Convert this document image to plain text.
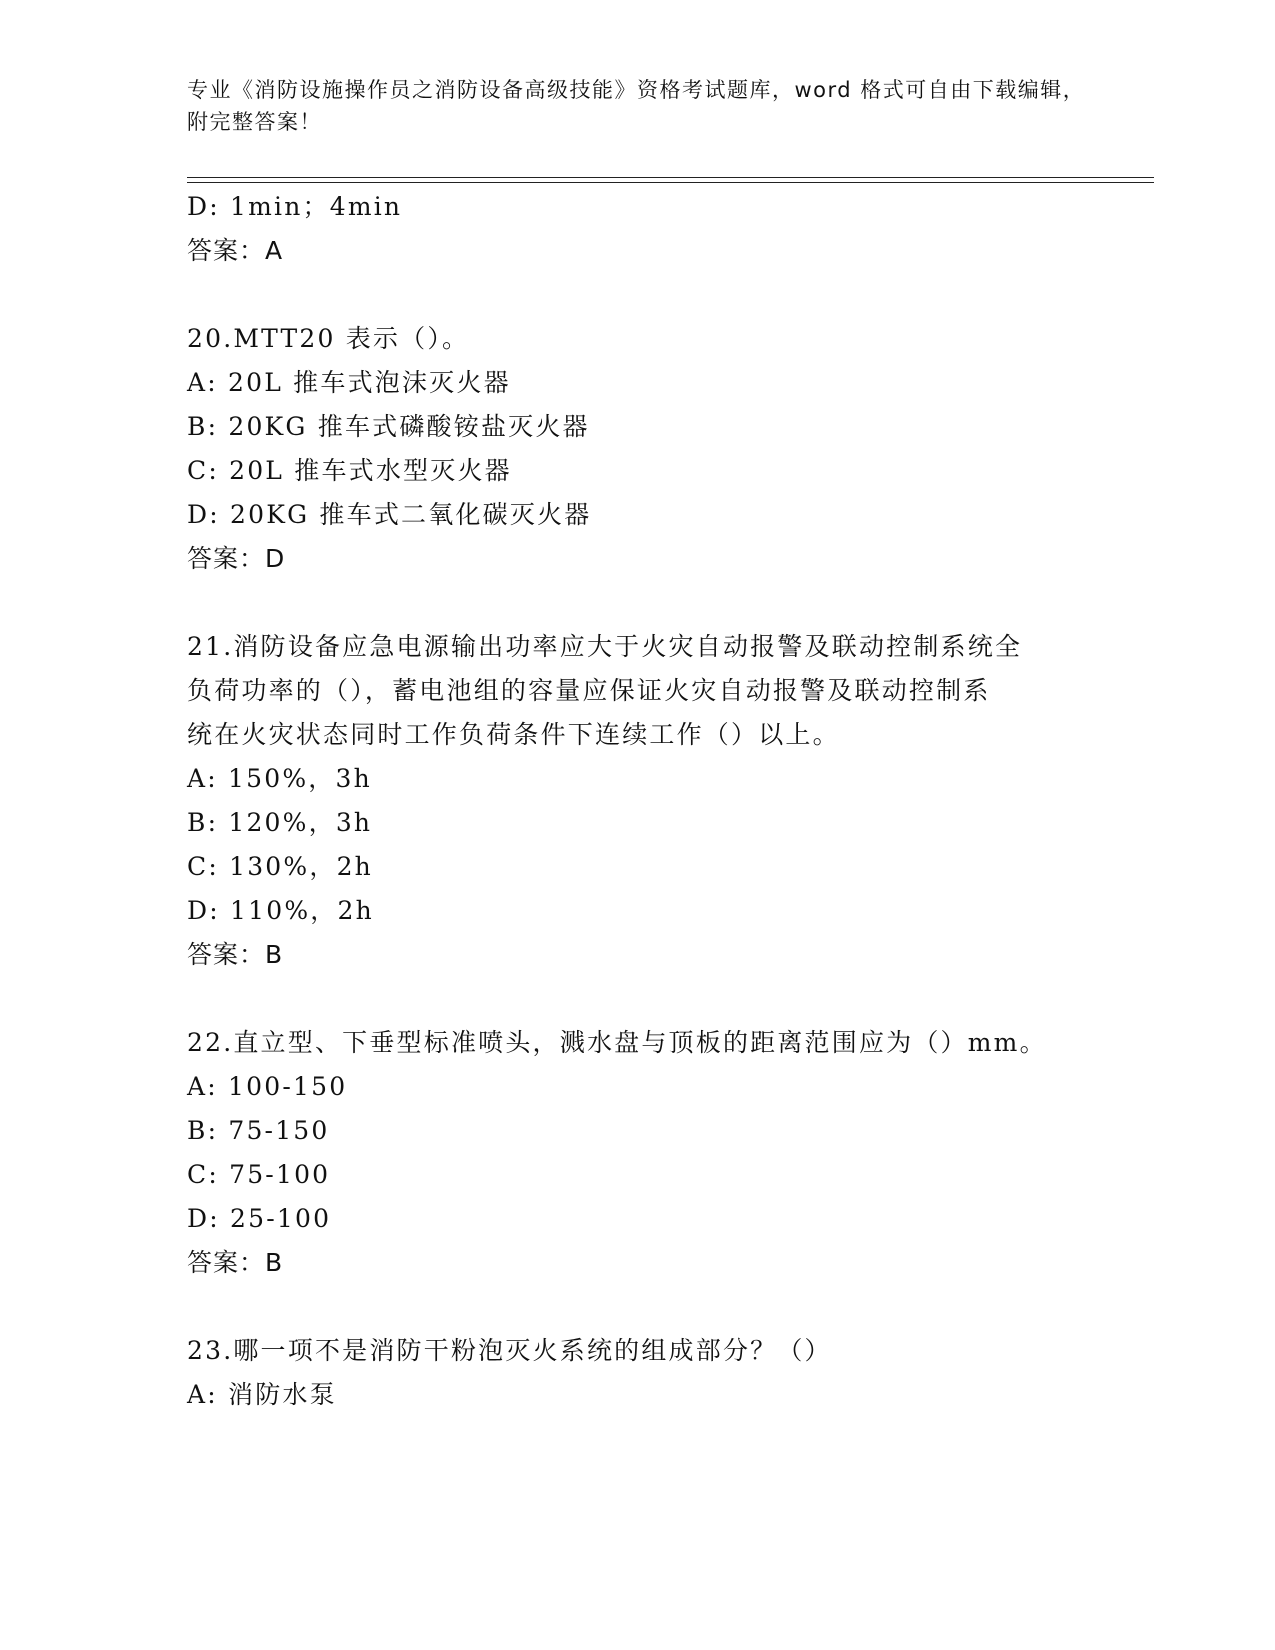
专业《消防设施操作员之消防设备高级技能》资格考试题库，word 格式可自由下载编辑，附完整答案！
D: 1min；4min
答案：A
20.MTT20 表示（）。
A: 20L 推车式泡沫灭火器
B: 20KG 推车式磷酸铵盐灭火器
C: 20L 推车式水型灭火器
D: 20KG 推车式二氧化碳灭火器
答案：D
21.消防设备应急电源输出功率应大于火灾自动报警及联动控制系统全
负荷功率的（），蓄电池组的容量应保证火灾自动报警及联动控制系
统在火灾状态同时工作负荷条件下连续工作（）以上。
A: 150%，3h
B: 120%，3h
C: 130%，2h
D: 110%，2h
答案：B
22.直立型、下垂型标准喷头，溅水盘与顶板的距离范围应为（）mm。
A: 100-150
B: 75-150
C: 75-100
D: 25-100
答案：B
23.哪一项不是消防干粉泡灭火系统的组成部分？（）
A: 消防水泵
